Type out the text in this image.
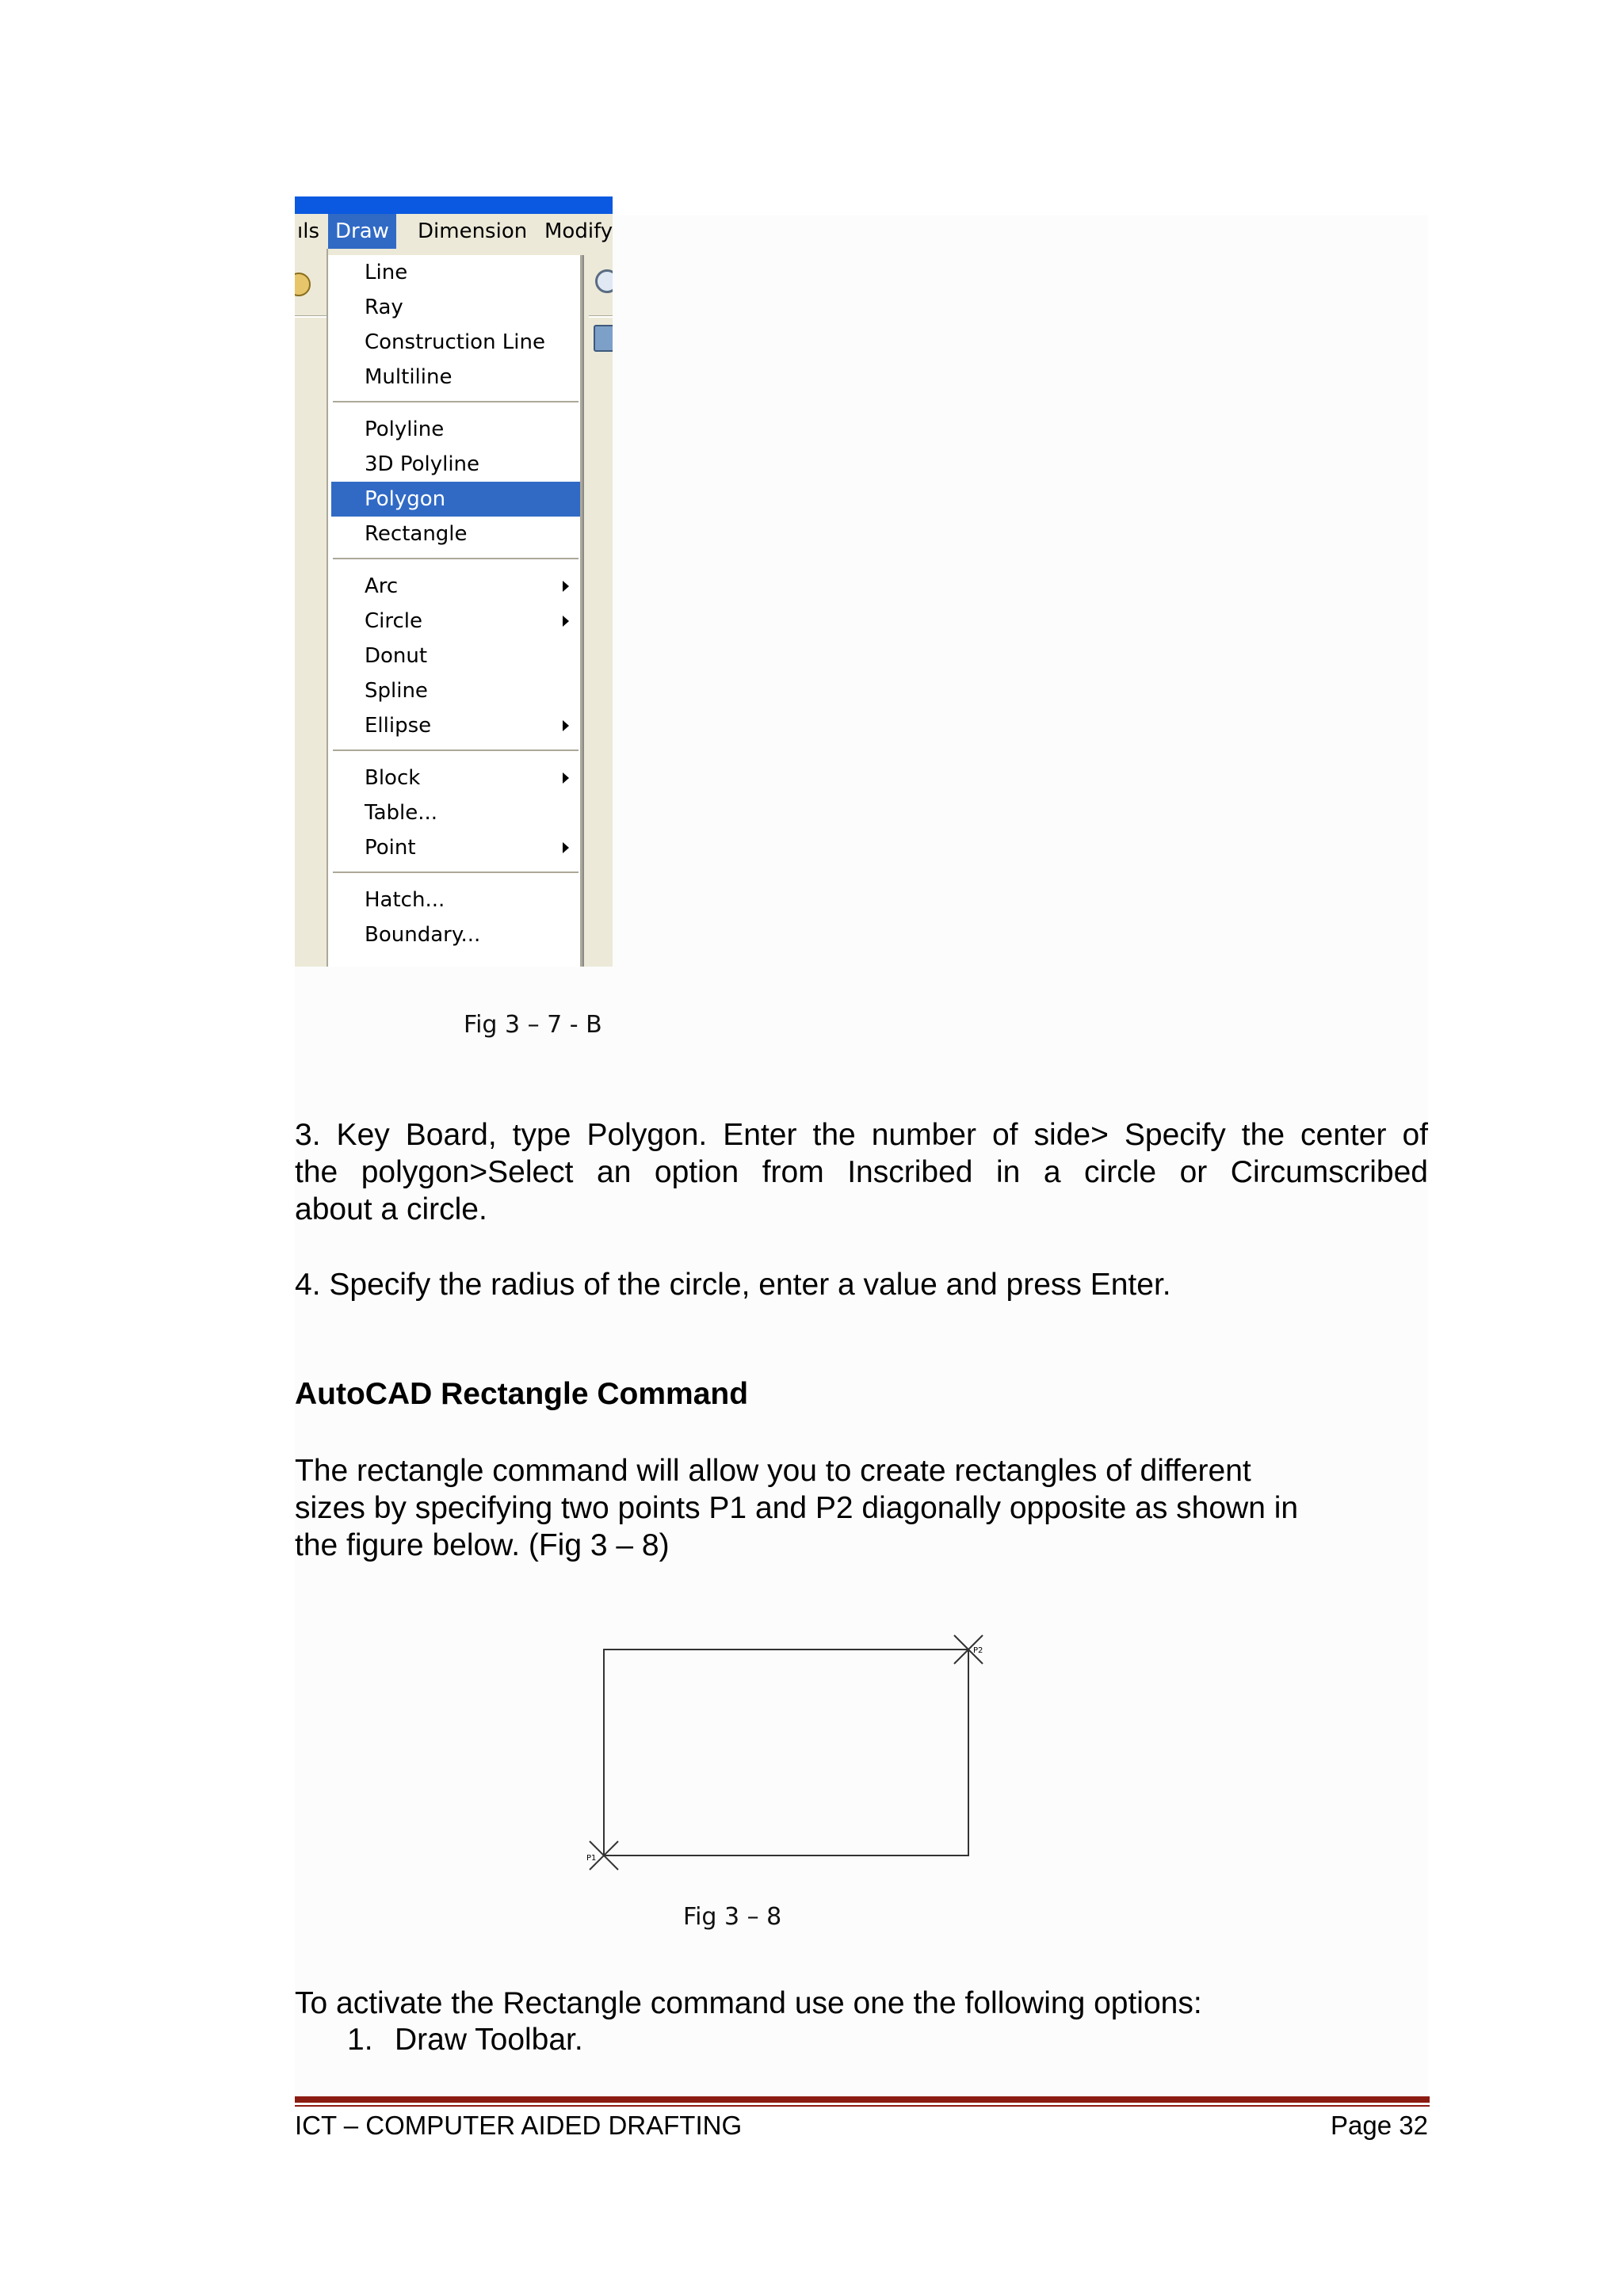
ıls Draw	Dimension Modify
Line
Ray
Construction Line
Multiline
Polyline
3D Polyline
Polygon
Rectangle
Arc
Circle
Donut
Spline
Ellipse
Block
Table...
Point
Hatch...
Boundary...
Fig 3 – 7 - B
3. Key Board, type Polygon. Enter the number of side> Specify the center of
the polygon>Select an option from Inscribed in a circle or Circumscribed
about a circle.
4. Specify the radius of the circle, enter a value and press Enter.
AutoCAD Rectangle Command
The rectangle command will allow you to create rectangles of different
sizes by specifying two points P1 and P2 diagonally opposite as shown in
the figure below. (Fig 3 – 8)
P1
P2
Fig 3 – 8
To activate the Rectangle command use one the following options:
1. Draw Toolbar.
ICT – COMPUTER AIDED DRAFTING	Page 32
